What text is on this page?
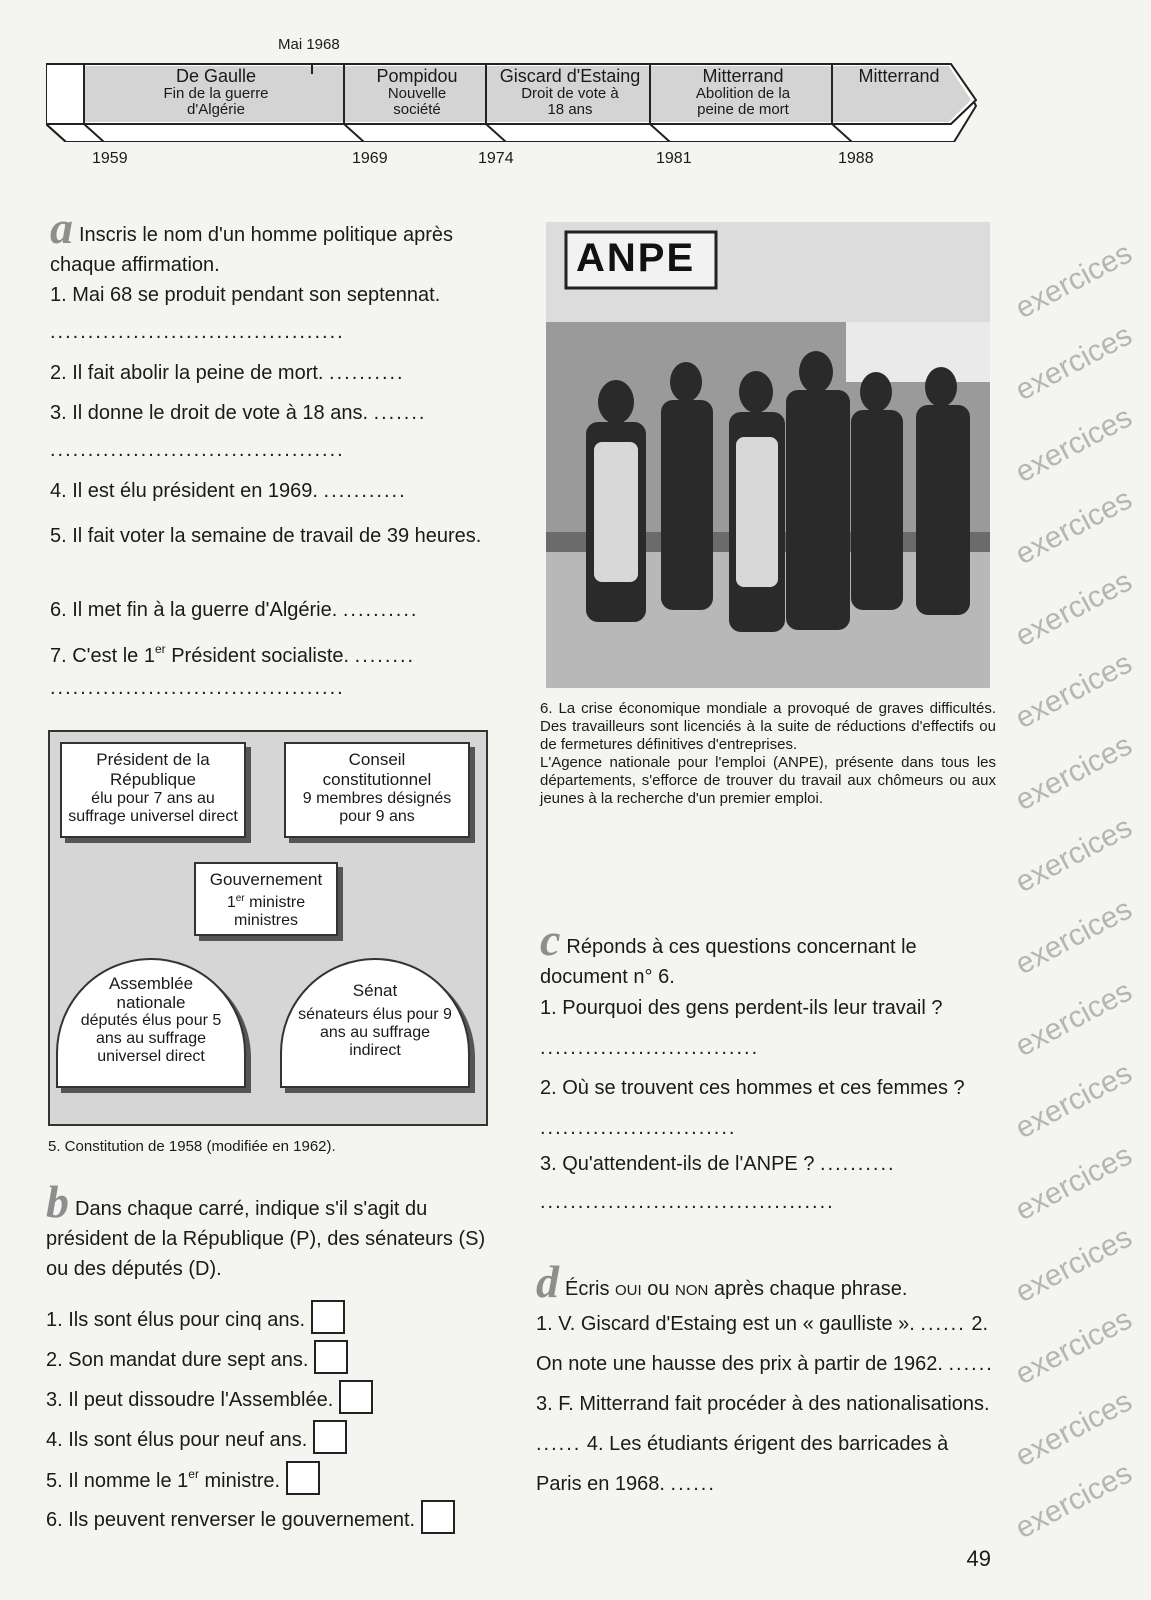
Mai 1968
De Gaulle
Fin de la guerre d'Algérie
Pompidou
Nouvelle société
Giscard d'Estaing
Droit de vote à 18 ans
Mitterrand
Abolition de la peine de mort
Mitterrand
1959	1969	1974	1981	1988
a Inscris le nom d'un homme politique après chaque affirmation.
1. Mai 68 se produit pendant son septennat.
.......................................
2. Il fait abolir la peine de mort. ..........
3. Il donne le droit de vote à 18 ans. .......
.......................................
4. Il est élu président en 1969. ...........
5. Il fait voter la semaine de travail de 39 heures.
6. Il met fin à la guerre d'Algérie. ..........
7. C'est le 1er Président socialiste. ........
.......................................
Président de la République
élu pour 7 ans au suffrage universel direct
Conseil constitutionnel
9 membres désignés pour 9 ans
Gouvernement
1er ministre
ministres
Assemblée nationale
députés élus pour 5 ans au suffrage universel direct
Sénat
sénateurs élus pour 9 ans au suffrage indirect
5. Constitution de 1958 (modifiée en 1962).
b Dans chaque carré, indique s'il s'agit du président de la République (P), des sénateurs (S) ou des députés (D).
1. Ils sont élus pour cinq ans.
2. Son mandat dure sept ans.
3. Il peut dissoudre l'Assemblée.
4. Ils sont élus pour neuf ans.
5. Il nomme le 1er ministre.
6. Ils peuvent renverser le gouvernement.
ANPE
6. La crise économique mondiale a provoqué de graves difficultés. Des travailleurs sont licenciés à la suite de réductions d'effectifs ou de fermetures définitives d'entreprises.
L'Agence nationale pour l'emploi (ANPE), présente dans tous les départements, s'efforce de trouver du travail aux chômeurs ou aux jeunes à la recherche d'un premier emploi.
c Réponds à ces questions concernant le document n° 6.
1. Pourquoi des gens perdent-ils leur travail ? .............................
2. Où se trouvent ces hommes et ces femmes ? ..........................
3. Qu'attendent-ils de l'ANPE ? ..........
.......................................
d Écris OUI ou NON après chaque phrase.
1. V. Giscard d'Estaing est un « gaulliste ». ...... 2. On note une hausse des prix à partir de 1962. ...... 3. F. Mitterrand fait procéder à des nationalisations. ...... 4. Les étudiants érigent des barricades à Paris en 1968. ......
exercices
exercices
exercices
exercices
exercices
exercices
exercices
exercices
exercices
exercices
exercices
exercices
exercices
exercices
exercices
exercices
49
